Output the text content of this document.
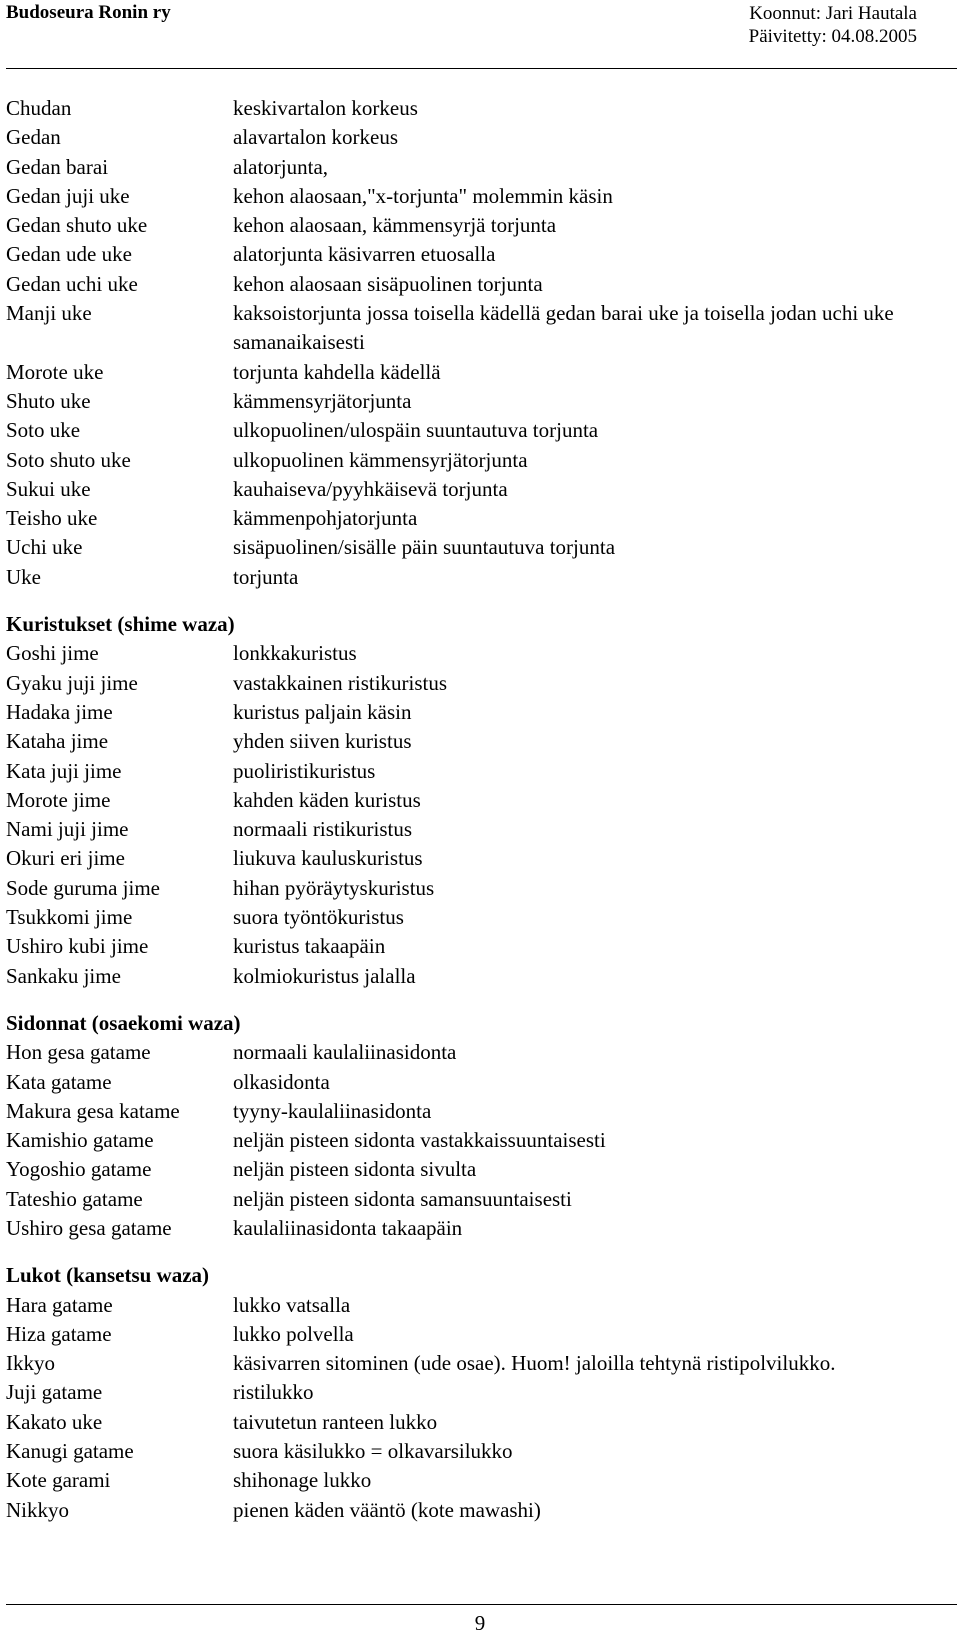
Budoseura Ronin ry	Koonnut: Jari Hautala
Päivitetty: 04.08.2005
Chudan	keskivartalon korkeus
Gedan	alavartalon korkeus
Gedan barai	alatorjunta,
Gedan juji uke	kehon alaosaan,"x-torjunta" molemmin käsin
Gedan shuto uke	kehon alaosaan, kämmensyrjä torjunta
Gedan ude uke	alatorjunta käsivarren etuosalla
Gedan uchi uke	kehon alaosaan sisäpuolinen torjunta
Manji uke	kaksoistorjunta jossa toisella kädellä gedan barai uke ja toisella jodan uchi uke samanaikaisesti
Morote uke	torjunta kahdella kädellä
Shuto uke	kämmensyrjätorjunta
Soto uke	ulkopuolinen/ulospäin suuntautuva torjunta
Soto shuto uke	ulkopuolinen kämmensyrjätorjunta
Sukui uke	kauhaiseva/pyyhkäisevä torjunta
Teisho uke	kämmenpohjatorjunta
Uchi uke	sisäpuolinen/sisälle päin suuntautuva torjunta
Uke	torjunta
Kuristukset (shime waza)
Goshi jime	lonkkakuristus
Gyaku juji jime	vastakkainen ristikuristus
Hadaka jime	kuristus paljain käsin
Kataha jime	yhden siiven kuristus
Kata juji jime	puoliristikuristus
Morote jime	kahden käden kuristus
Nami juji jime	normaali ristikuristus
Okuri eri jime	liukuva kauluskuristus
Sode guruma jime	hihan pyöräytyskuristus
Tsukkomi jime	suora työntökuristus
Ushiro kubi jime	kuristus takaapäin
Sankaku jime	kolmiokuristus jalalla
Sidonnat (osaekomi waza)
Hon gesa gatame	normaali kaulaliinasidonta
Kata gatame	olkasidonta
Makura gesa katame	tyyny-kaulaliinasidonta
Kamishio gatame	neljän pisteen sidonta vastakkaissuuntaisesti
Yogoshio gatame	neljän pisteen sidonta sivulta
Tateshio gatame	neljän pisteen sidonta samansuuntaisesti
Ushiro gesa gatame	kaulaliinasidonta takaapäin
Lukot (kansetsu waza)
Hara gatame	lukko vatsalla
Hiza gatame	lukko polvella
Ikkyo	käsivarren sitominen (ude osae). Huom! jaloilla tehtynä ristipolvilukko.
Juji gatame	ristilukko
Kakato uke	taivutetun ranteen lukko
Kanugi gatame	suora käsilukko = olkavarsilukko
Kote garami	shihonage lukko
Nikkyo	pienen käden vääntö (kote mawashi)
9
